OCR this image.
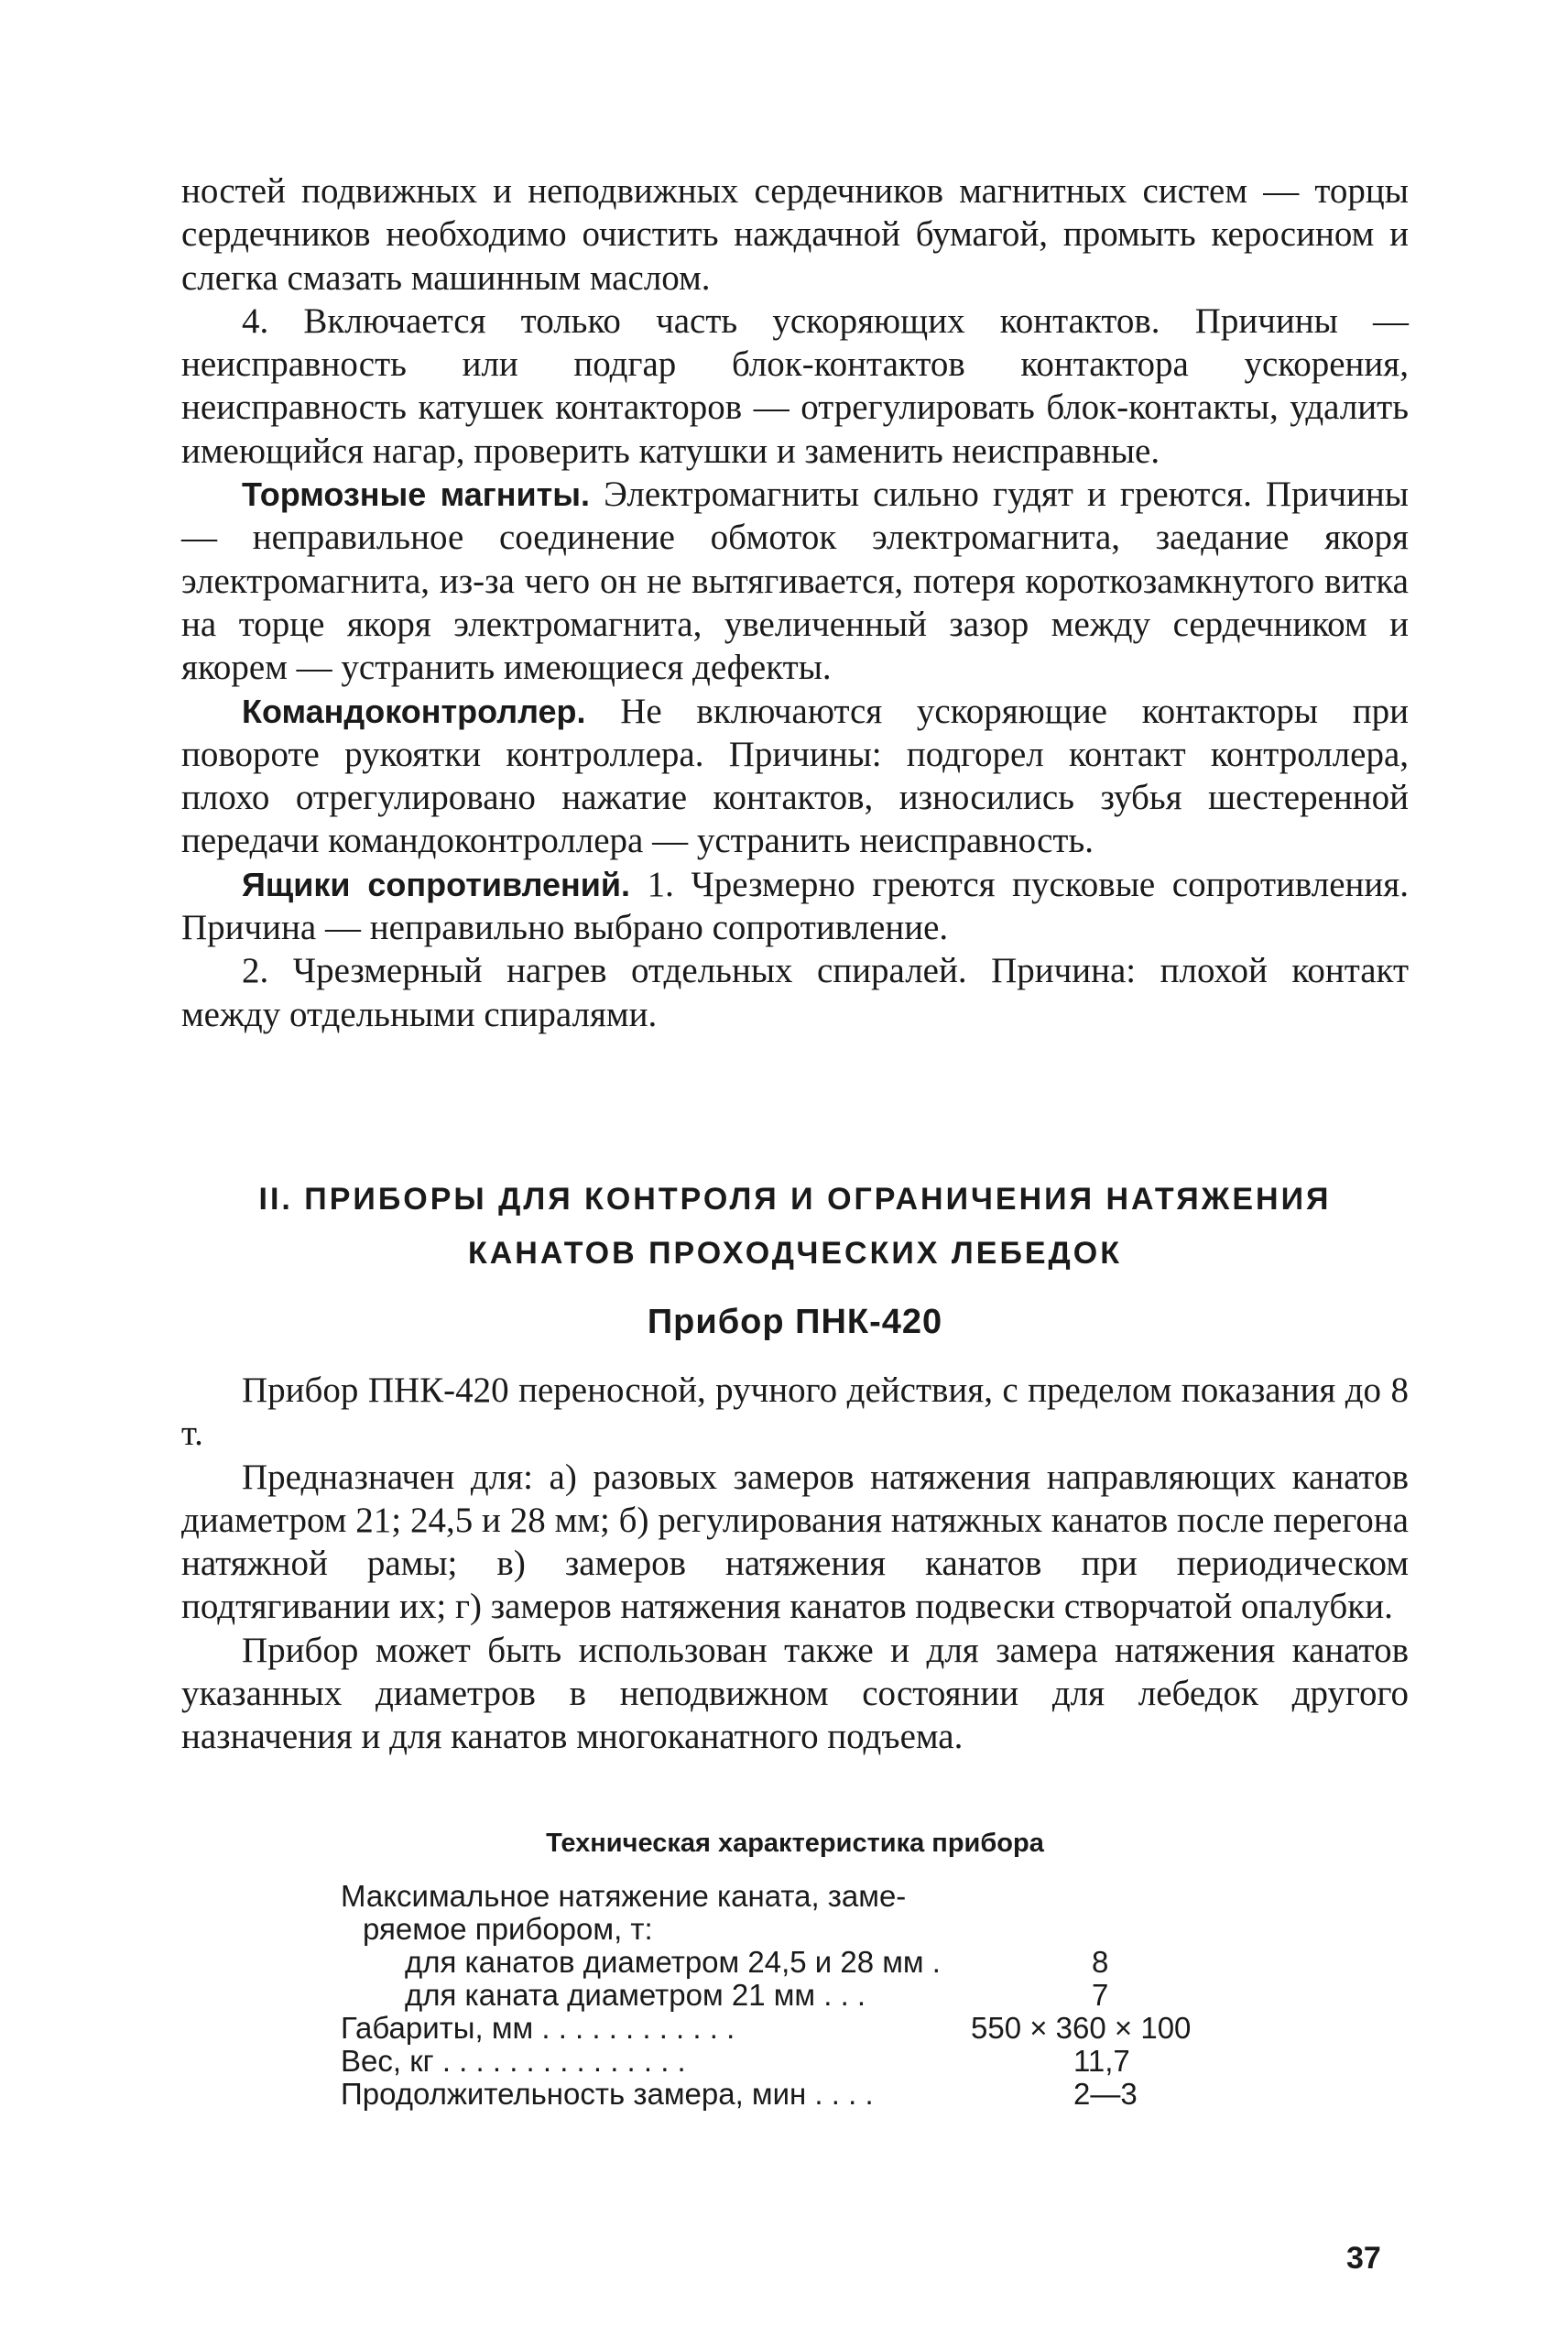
ностей подвижных и неподвижных сердечников магнитных систем — торцы сердечников необходимо очистить наждачной бумагой, промыть керосином и слегка смазать машинным маслом.

4. Включается только часть ускоряющих контактов. Причины — неисправность или подгар блок-контактов контактора ускорения, неисправность катушек контакторов — отрегулировать блок-контакты, удалить имеющийся нагар, проверить катушки и заменить неисправные.

Тормозные магниты. Электромагниты сильно гудят и греются. Причины — неправильное соединение обмоток электромагнита, заедание якоря электромагнита, из-за чего он не вытягивается, потеря короткозамкнутого витка на торце якоря электромагнита, увеличенный зазор между сердечником и якорем — устранить имеющиеся дефекты.

Командоконтроллер. Не включаются ускоряющие контакторы при повороте рукоятки контроллера. Причины: подгорел контакт контроллера, плохо отрегулировано нажатие контактов, износились зубья шестеренной передачи командоконтроллера — устранить неисправность.

Ящики сопротивлений. 1. Чрезмерно греются пусковые сопротивления. Причина — неправильно выбрано сопротивление.

2. Чрезмерный нагрев отдельных спиралей. Причина: плохой контакт между отдельными спиралями.

II. ПРИБОРЫ ДЛЯ КОНТРОЛЯ И ОГРАНИЧЕНИЯ НАТЯЖЕНИЯ
КАНАТОВ ПРОХОДЧЕСКИХ ЛЕБЕДОК
Прибор ПНК-420

Прибор ПНК-420 переносной, ручного действия, с пределом показания до 8 т.

Предназначен для: а) разовых замеров натяжения направляющих канатов диаметром 21; 24,5 и 28 мм; б) регулирования натяжных канатов после перегона натяжной рамы; в) замеров натяжения канатов при периодическом подтягивании их; г) замеров натяжения канатов подвески створчатой опалубки.

Прибор может быть использован также и для замера натяжения канатов указанных диаметров в неподвижном состоянии для лебедок другого назначения и для канатов многоканатного подъема.

Техническая характеристика прибора
Максимальное натяжение каната, заме-
ряемое прибором, т:
для канатов диаметром 24,5 и 28 мм .	8
для каната диаметром 21 мм . . .	7
Габариты, мм . . . . . . . . . . . .	550 × 360 × 100
Вес, кг . . . . . . . . . . . . . . .	11,7
Продолжительность замера, мин . . . .	2—3
37
